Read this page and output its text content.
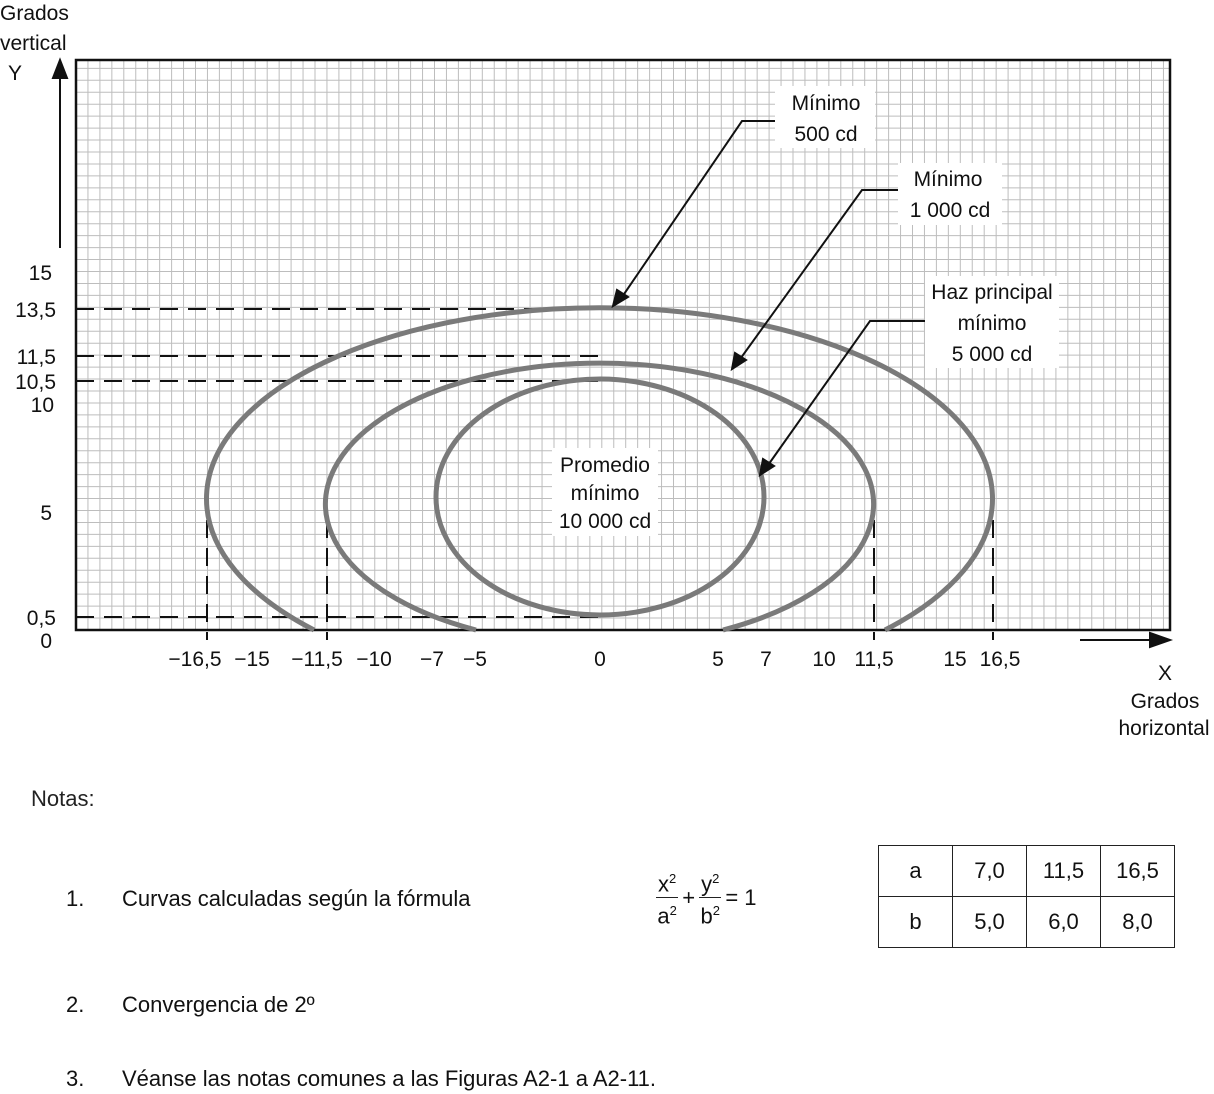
Grados
vertical
Y
15
13,5
11,5
10,5
10
5
0,5
0
−16,5 −15 −11,5 −10 −7 −5	0	5 7 10 11,5 15 16,5
X
Grados
horizontal
Mínimo
500 cd
Mínimo
1 000 cd
Haz principal
mínimo
5 000 cd
Promedio
mínimo
10 000 cd
Notas:
1. Curvas calculadas según la fórmula	$\frac{x^2}{a^2} + \frac{y^2}{b^2} = 1$
a	7,0	11,5	16,5
b	5,0	6,0	8,0
2. Convergencia de 2º
3. Véanse las notas comunes a las Figuras A2-1 a A2-11.
